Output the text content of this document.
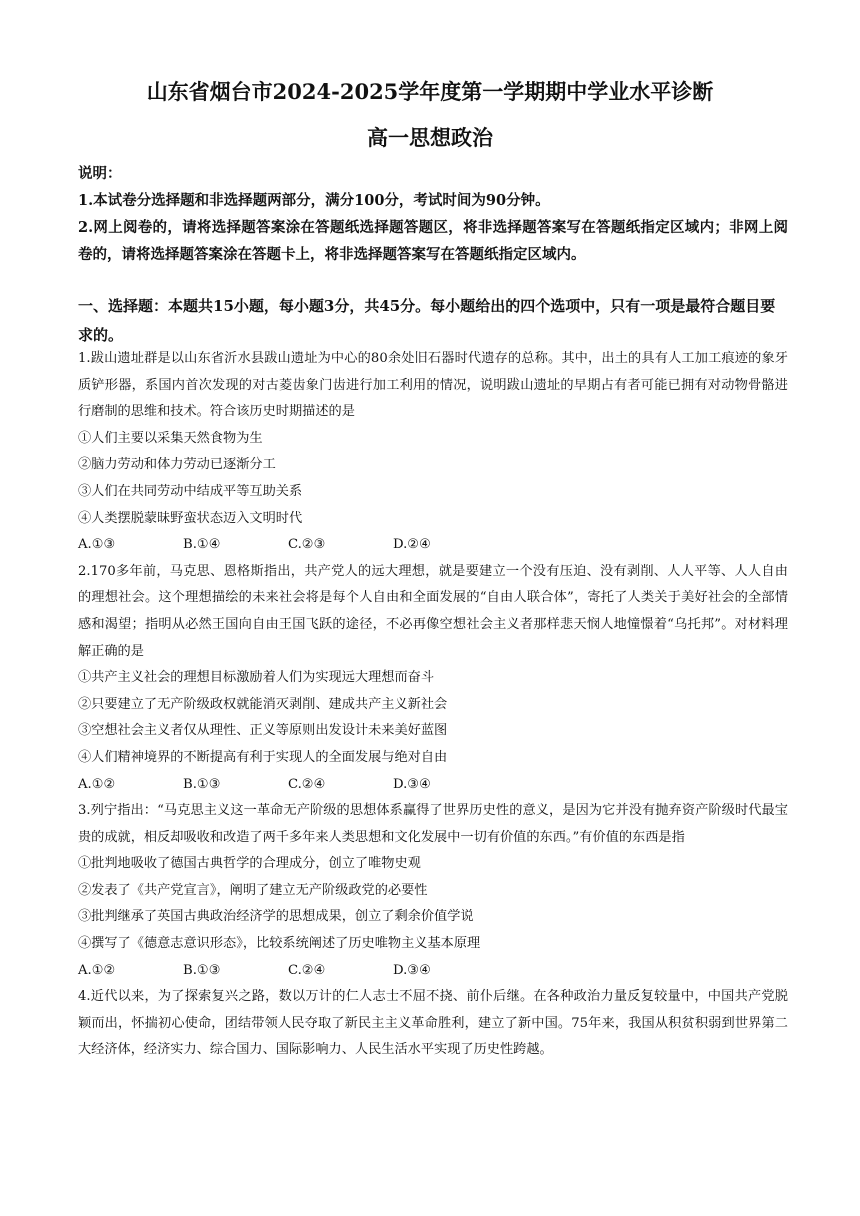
山东省烟台市2024-2025学年度第一学期期中学业水平诊断
高一思想政治
说明：
1.本试卷分选择题和非选择题两部分，满分100分，考试时间为90分钟。
2.网上阅卷的，请将选择题答案涂在答题纸选择题答题区，将非选择题答案写在答题纸指定区域内；非网上阅卷的，请将选择题答案涂在答题卡上，将非选择题答案写在答题纸指定区域内。
一、选择题：本题共15小题，每小题3分，共45分。每小题给出的四个选项中，只有一项是最符合题目要求的。
1.跋山遗址群是以山东省沂水县跋山遗址为中心的80余处旧石器时代遗存的总称。其中，出土的具有人工加工痕迹的象牙质铲形器，系国内首次发现的对古菱齿象门齿进行加工利用的情况，说明跋山遗址的早期占有者可能已拥有对动物骨骼进行磨制的思维和技术。符合该历史时期描述的是
①人们主要以采集天然食物为生
②脑力劳动和体力劳动已逐渐分工
③人们在共同劳动中结成平等互助关系
④人类摆脱蒙昧野蛮状态迈入文明时代
A.①③	B.①④	C.②③	D.②④
2.170多年前，马克思、恩格斯指出，共产党人的远大理想，就是要建立一个没有压迫、没有剥削、人人平等、人人自由的理想社会。这个理想描绘的未来社会将是每个人自由和全面发展的“自由人联合体”，寄托了人类关于美好社会的全部情感和渴望；指明从必然王国向自由王国飞跃的途径，不必再像空想社会主义者那样悲天悯人地憧憬着“乌托邦”。对材料理解正确的是
①共产主义社会的理想目标激励着人们为实现远大理想而奋斗
②只要建立了无产阶级政权就能消灭剥削、建成共产主义新社会
③空想社会主义者仅从理性、正义等原则出发设计未来美好蓝图
④人们精神境界的不断提高有利于实现人的全面发展与绝对自由
A.①②	B.①③	C.②④	D.③④
3.列宁指出：“马克思主义这一革命无产阶级的思想体系赢得了世界历史性的意义，是因为它并没有抛弃资产阶级时代最宝贵的成就，相反却吸收和改造了两千多年来人类思想和文化发展中一切有价值的东西。”有价值的东西是指
①批判地吸收了德国古典哲学的合理成分，创立了唯物史观
②发表了《共产党宣言》，阐明了建立无产阶级政党的必要性
③批判继承了英国古典政治经济学的思想成果，创立了剩余价值学说
④撰写了《德意志意识形态》，比较系统阐述了历史唯物主义基本原理
A.①②	B.①③	C.②④	D.③④
4.近代以来，为了探索复兴之路，数以万计的仁人志士不屈不挠、前仆后继。在各种政治力量反复较量中，中国共产党脱颖而出，怀揣初心使命，团结带领人民夺取了新民主主义革命胜利，建立了新中国。75年来，我国从积贫积弱到世界第二大经济体，经济实力、综合国力、国际影响力、人民生活水平实现了历史性跨越。
